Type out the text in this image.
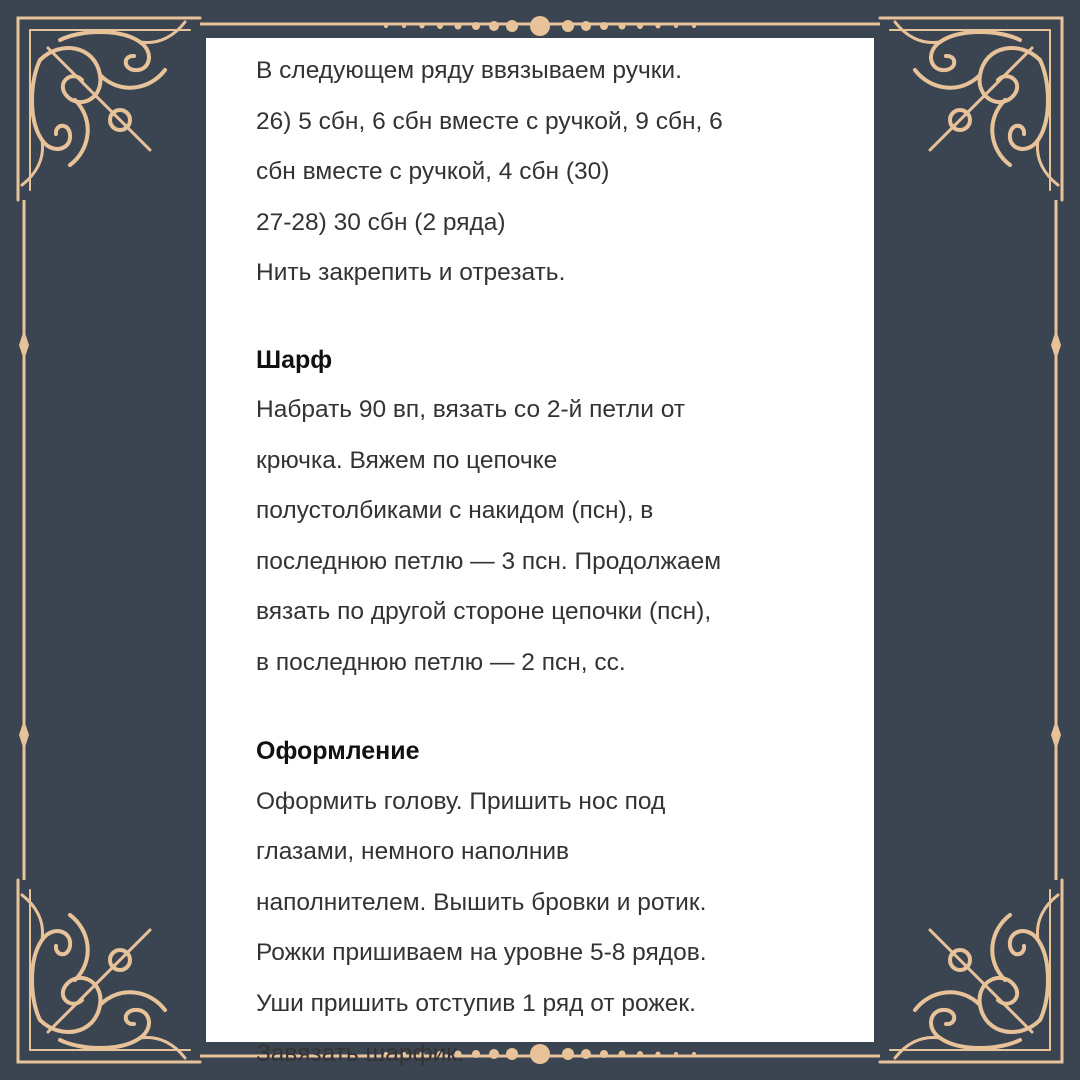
В следующем ряду ввязываем ручки.

26) 5 сбн, 6 сбн вместе с ручкой, 9 сбн, 6

сбн вместе с ручкой, 4 сбн (30)

27-28) 30 сбн (2 ряда)

Нить закрепить и отрезать.

Шарф

Набрать 90 вп, вязать со 2-й петли от

крючка. Вяжем по цепочке

полустолбиками с накидом (псн), в

последнюю петлю — 3 псн. Продолжаем

вязать по другой стороне цепочки (псн),

в последнюю петлю — 2 псн, сс.

Оформление

Оформить голову. Пришить нос под

глазами, немного наполнив

наполнителем. Вышить бровки и ротик.

Рожки пришиваем на уровне 5-8 рядов.

Уши пришить отступив 1 ряд от рожек.

Завязать шарфик.
